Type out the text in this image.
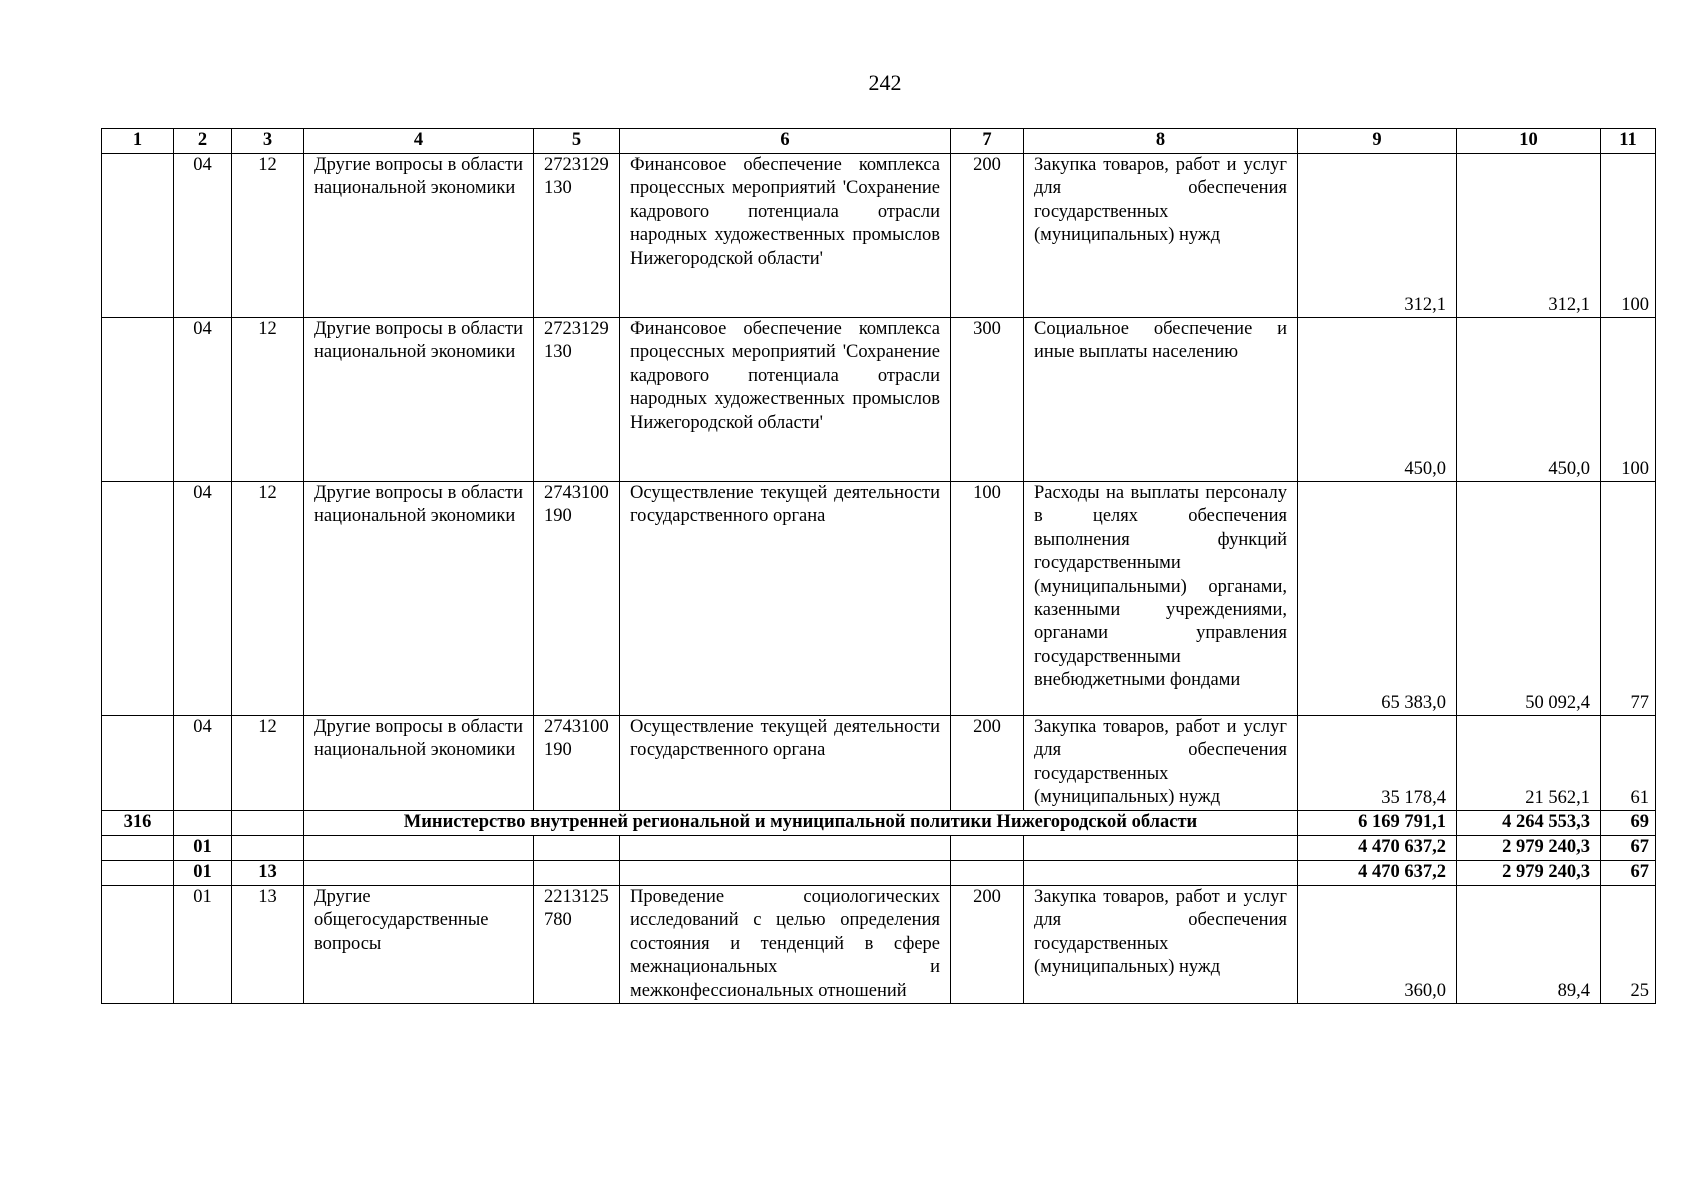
242
1	2	3	4	5	6	7	8	9	10	11
	04	12	Другие вопросы в области национальной экономики	2723129130	Финансовое обеспечение комплекса процессных мероприятий 'Сохранение кадрового потенциала отрасли народных художественных промыслов Нижегородской области'	200	Закупка товаров, работ и услуг для обеспечения государственных (муниципальных) нужд	312,1	312,1	100
	04	12	Другие вопросы в области национальной экономики	2723129130	Финансовое обеспечение комплекса процессных мероприятий 'Сохранение кадрового потенциала отрасли народных художественных промыслов Нижегородской области'	300	Социальное обеспечение и иные выплаты населению	450,0	450,0	100
	04	12	Другие вопросы в области национальной экономики	2743100190	Осуществление текущей деятельности государственного органа	100	Расходы на выплаты персоналу в целях обеспечения выполнения функций государственными (муниципальными) органами, казенными учреждениями, органами управления государственными внебюджетными фондами	65 383,0	50 092,4	77
	04	12	Другие вопросы в области национальной экономики	2743100190	Осуществление текущей деятельности государственного органа	200	Закупка товаров, работ и услуг для обеспечения государственных (муниципальных) нужд	35 178,4	21 562,1	61
316			Министерство внутренней региональной и муниципальной политики Нижегородской области					6 169 791,1	4 264 553,3	69
	01							4 470 637,2	2 979 240,3	67
	01	13						4 470 637,2	2 979 240,3	67
	01	13	Другие общегосударственные вопросы	2213125780	Проведение социологических исследований с целью определения состояния и тенденций в сфере межнациональных и межконфессиональных отношений	200	Закупка товаров, работ и услуг для обеспечения государственных (муниципальных) нужд	360,0	89,4	25
